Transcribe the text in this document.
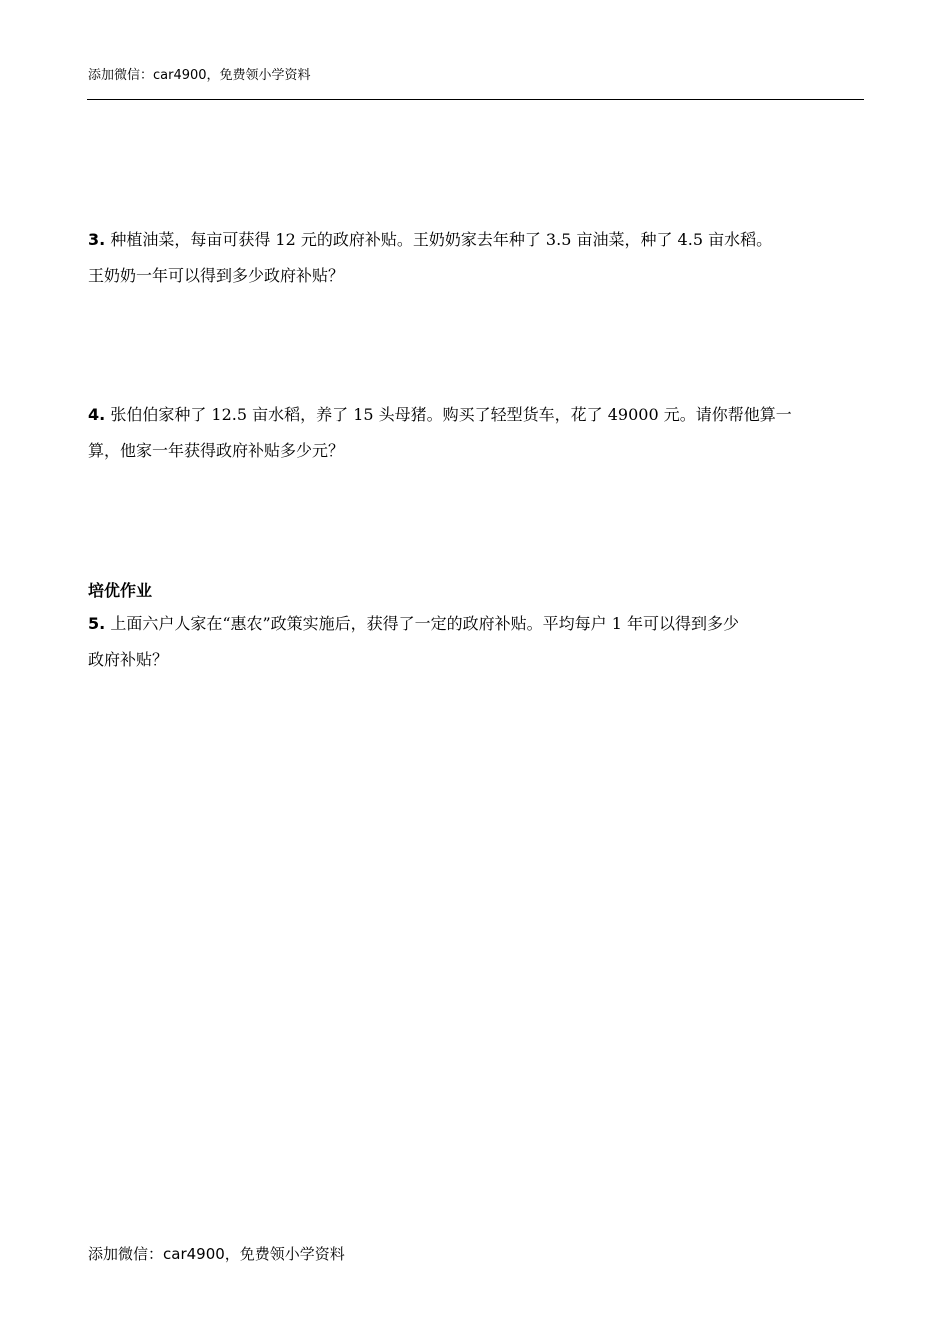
添加微信：car4900，免费领小学资料
3. 种植油菜，每亩可获得 12 元的政府补贴。王奶奶家去年种了 3.5 亩油菜，种了 4.5 亩水稻。
王奶奶一年可以得到多少政府补贴？
4. 张伯伯家种了 12.5 亩水稻，养了 15 头母猪。购买了轻型货车，花了 49000 元。请你帮他算一
算，他家一年获得政府补贴多少元？
培优作业
5. 上面六户人家在“惠农”政策实施后，获得了一定的政府补贴。平均每户 1 年可以得到多少
政府补贴？
添加微信：car4900，免费领小学资料
